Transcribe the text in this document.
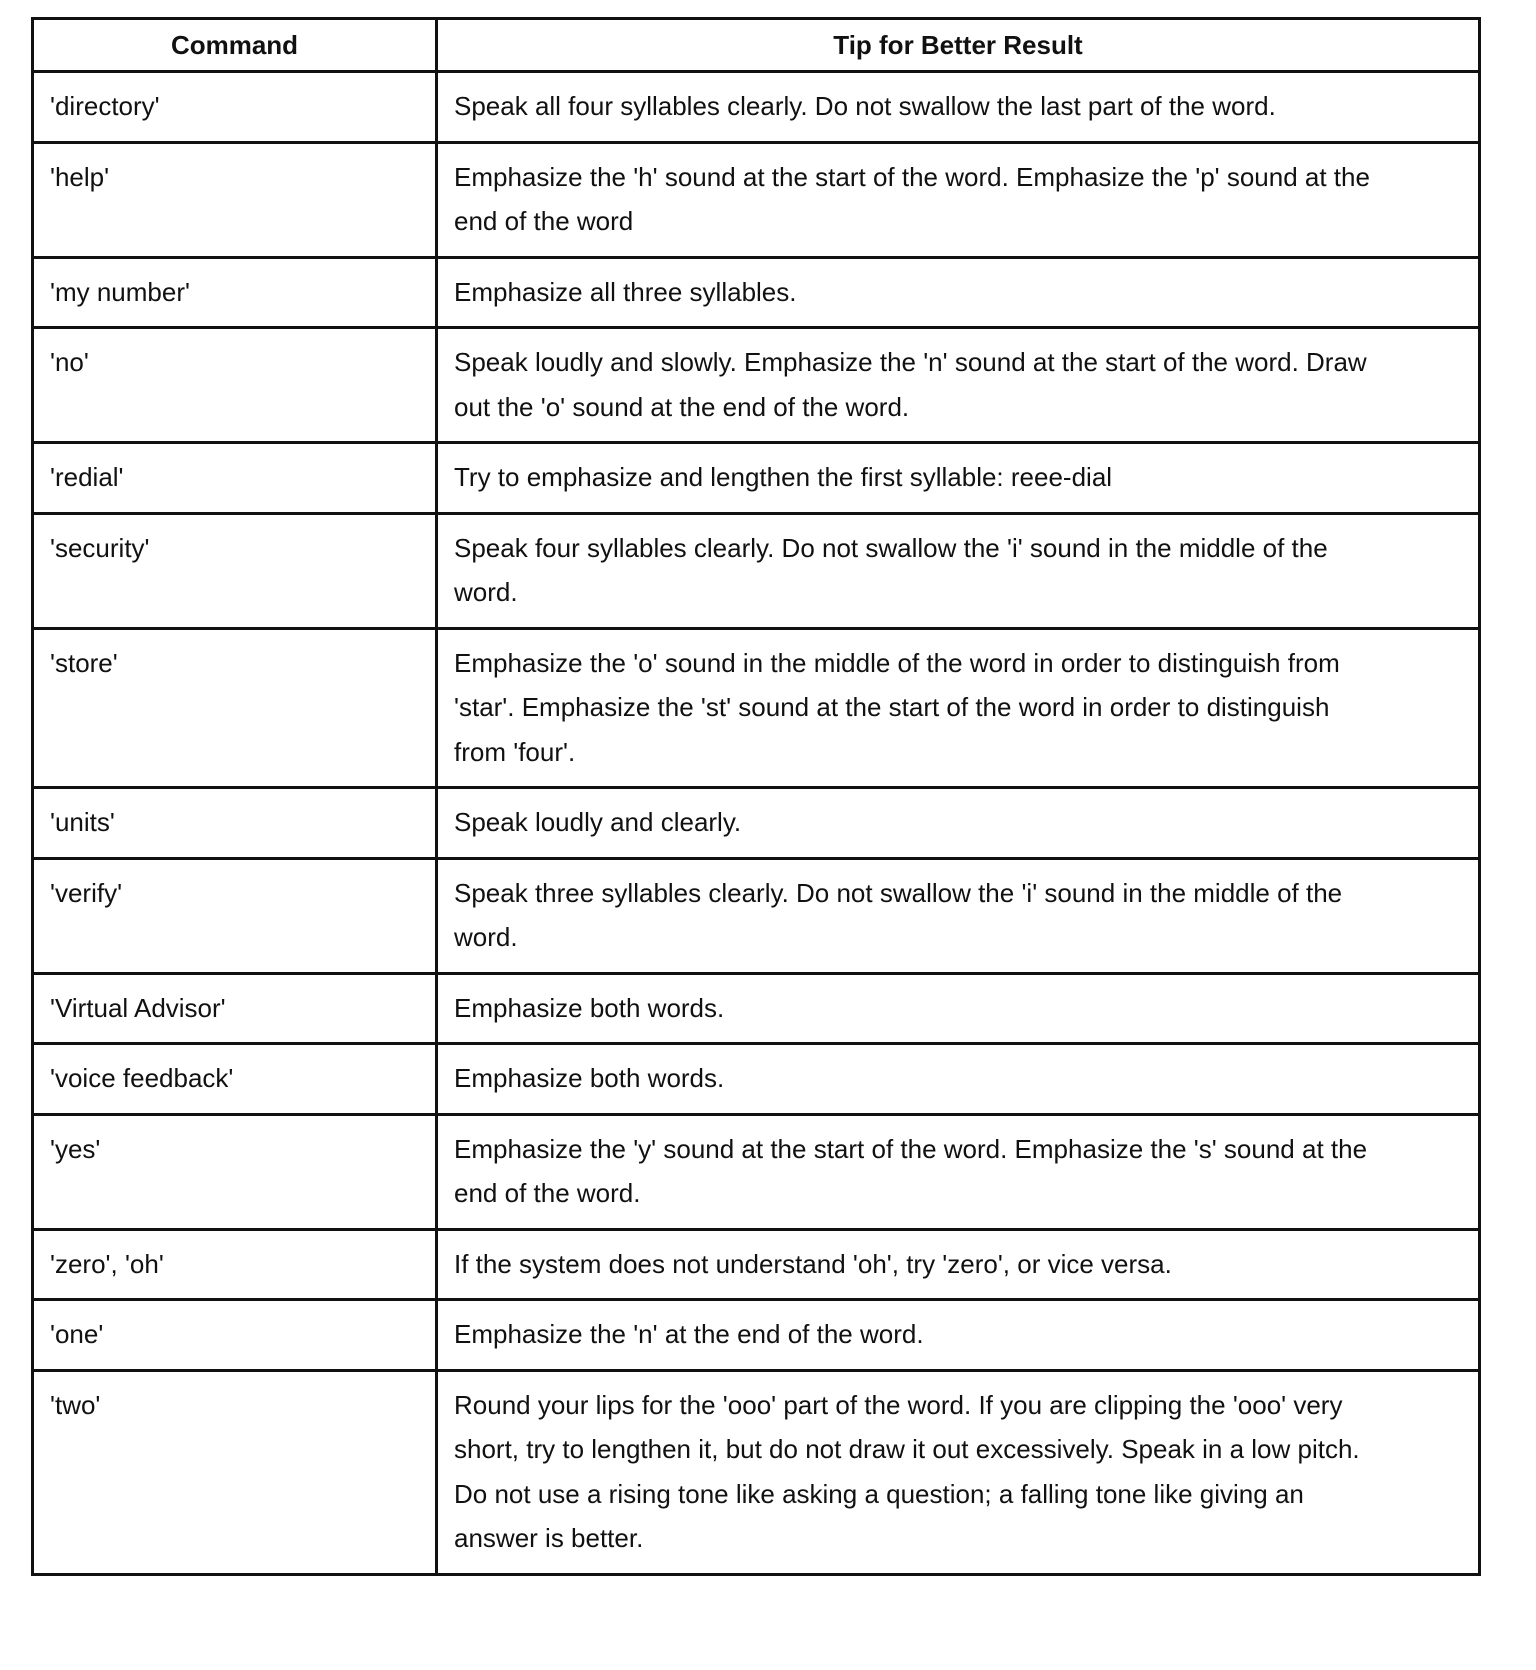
Command	Tip for Better Result
'directory'	Speak all four syllables clearly. Do not swallow the last part of the word.
'help'	Emphasize the 'h' sound at the start of the word. Emphasize the 'p' sound at the end of the word
'my number'	Emphasize all three syllables.
'no'	Speak loudly and slowly. Emphasize the 'n' sound at the start of the word. Draw out the 'o' sound at the end of the word.
'redial'	Try to emphasize and lengthen the first syllable: reee-dial
'security'	Speak four syllables clearly. Do not swallow the 'i' sound in the middle of the word.
'store'	Emphasize the 'o' sound in the middle of the word in order to distinguish from 'star'. Emphasize the 'st' sound at the start of the word in order to distinguish from 'four'.
'units'	Speak loudly and clearly.
'verify'	Speak three syllables clearly. Do not swallow the 'i' sound in the middle of the word.
'Virtual Advisor'	Emphasize both words.
'voice feedback'	Emphasize both words.
'yes'	Emphasize the 'y' sound at the start of the word. Emphasize the 's' sound at the end of the word.
'zero', 'oh'	If the system does not understand 'oh', try 'zero', or vice versa.
'one'	Emphasize the 'n' at the end of the word.
'two'	Round your lips for the 'ooo' part of the word. If you are clipping the 'ooo' very short, try to lengthen it, but do not draw it out excessively. Speak in a low pitch. Do not use a rising tone like asking a question; a falling tone like giving an answer is better.
